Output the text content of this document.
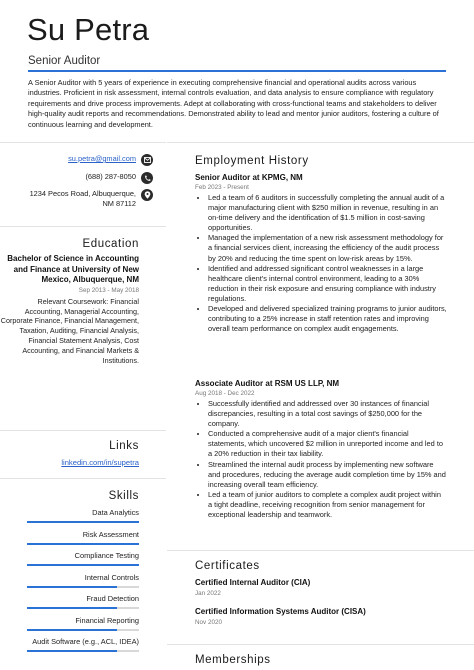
Su Petra
Senior Auditor
A Senior Auditor with 5 years of experience in executing comprehensive financial and operational audits across various industries. Proficient in risk assessment, internal controls evaluation, and data analysis to ensure compliance with regulatory requirements and drive process improvements. Adept at collaborating with cross-functional teams and stakeholders to deliver high-quality audit reports and recommendations. Demonstrated ability to lead and mentor junior auditors, fostering a culture of continuous learning and development.
su.petra@gmail.com
(688) 287-8050
1234 Pecos Road, Albuquerque, NM 87112
Education
Bachelor of Science in Accounting and Finance at University of New Mexico, Albuquerque, NM
Sep 2013 - May 2018
Relevant Coursework: Financial Accounting, Managerial Accounting, Corporate Finance, Financial Management, Taxation, Auditing, Financial Analysis, Financial Statement Analysis, Cost Accounting, and Financial Markets & Institutions.
Links
linkedin.com/in/supetra
Skills
Data Analytics
Risk Assessment
Compliance Testing
Internal Controls
Fraud Detection
Financial Reporting
Audit Software (e.g., ACL, IDEA)
Employment History
Senior Auditor at KPMG, NM
Feb 2023 - Present
• Led a team of 6 auditors in successfully completing the annual audit of a major manufacturing client with $250 million in revenue, resulting in an on-time delivery and the identification of $1.5 million in cost-saving opportunities.
• Managed the implementation of a new risk assessment methodology for a financial services client, increasing the efficiency of the audit process by 20% and reducing the time spent on low-risk areas by 15%.
• Identified and addressed significant control weaknesses in a large healthcare client's internal control environment, leading to a 30% reduction in their risk exposure and ensuring compliance with industry regulations.
• Developed and delivered specialized training programs to junior auditors, contributing to a 25% increase in staff retention rates and improving overall team performance on complex audit engagements.
Associate Auditor at RSM US LLP, NM
Aug 2018 - Dec 2022
• Successfully identified and addressed over 30 instances of financial discrepancies, resulting in a total cost savings of $250,000 for the company.
• Conducted a comprehensive audit of a major client's financial statements, which uncovered $2 million in unreported income and led to a 20% reduction in their tax liability.
• Streamlined the internal audit process by implementing new software and procedures, reducing the average audit completion time by 15% and increasing overall team efficiency.
• Led a team of junior auditors to complete a complex audit project within a tight deadline, receiving recognition from senior management for exceptional leadership and teamwork.
Certificates
Certified Internal Auditor (CIA)
Jan 2022
Certified Information Systems Auditor (CISA)
Nov 2020
Memberships
